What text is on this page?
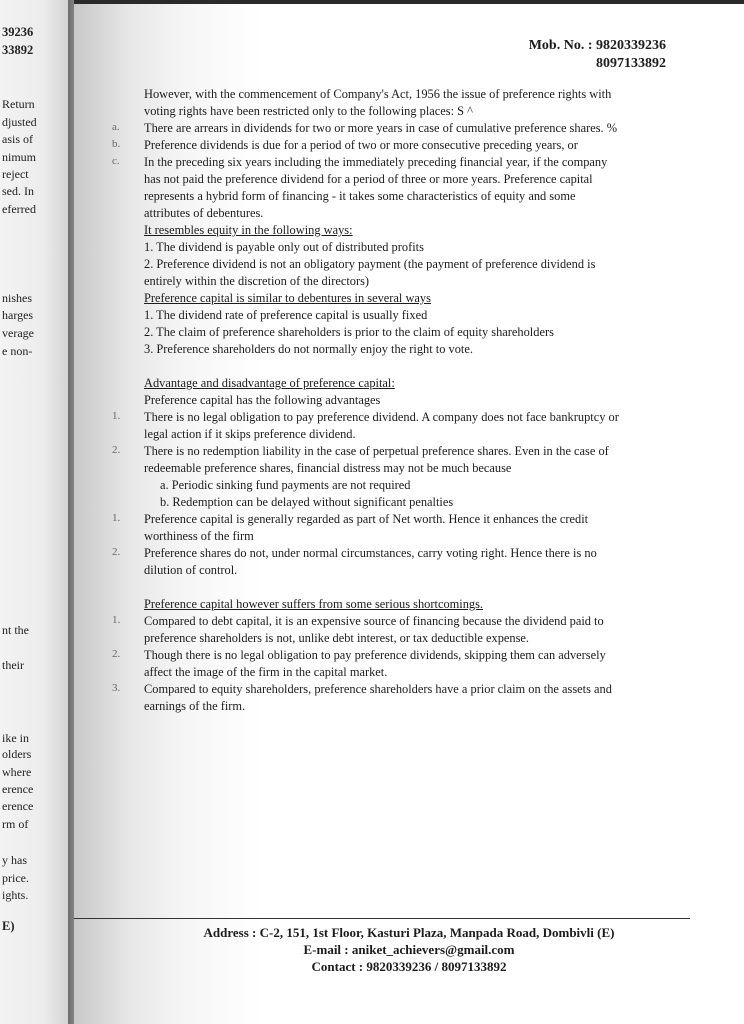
39236
33892
Return
djusted
asis of
nimum
reject
sed. In
eferred
nishes
harges
verage
e non-
nt the
their
ike in
olders
where
erence
erence
rm of
y has
price.
ights.
E)
Mob. No. : 9820339236
8097133892
However, with the commencement of Company's Act, 1956 the issue of preference rights with
voting rights have been restricted only to the following places: S ^
a. There are arrears in dividends for two or more years in case of cumulative preference shares. %
b. Preference dividends is due for a period of two or more consecutive preceding years, or
c. In the preceding six years including the immediately preceding financial year, if the company
has not paid the preference dividend for a period of three or more years. Preference capital
represents a hybrid form of financing - it takes some characteristics of equity and some
attributes of debentures.
It resembles equity in the following ways:
1. The dividend is payable only out of distributed profits
2. Preference dividend is not an obligatory payment (the payment of preference dividend is
entirely within the discretion of the directors)
Preference capital is similar to debentures in several ways
1. The dividend rate of preference capital is usually fixed
2. The claim of preference shareholders is prior to the claim of equity shareholders
3. Preference shareholders do not normally enjoy the right to vote.
Advantage and disadvantage of preference capital:
Preference capital has the following advantages
1. There is no legal obligation to pay preference dividend. A company does not face bankruptcy or
legal action if it skips preference dividend.
2. There is no redemption liability in the case of perpetual preference shares. Even in the case of
redeemable preference shares, financial distress may not be much because
a. Periodic sinking fund payments are not required
b. Redemption can be delayed without significant penalties
1. Preference capital is generally regarded as part of Net worth. Hence it enhances the credit
worthiness of the firm
2. Preference shares do not, under normal circumstances, carry voting right. Hence there is no
dilution of control.
Preference capital however suffers from some serious shortcomings.
1. Compared to debt capital, it is an expensive source of financing because the dividend paid to
preference shareholders is not, unlike debt interest, or tax deductible expense.
2. Though there is no legal obligation to pay preference dividends, skipping them can adversely
affect the image of the firm in the capital market.
3. Compared to equity shareholders, preference shareholders have a prior claim on the assets and
earnings of the firm.
Address : C-2, 151, 1st Floor, Kasturi Plaza, Manpada Road, Dombivli (E)
E-mail : aniket_achievers@gmail.com
Contact : 9820339236 / 8097133892
